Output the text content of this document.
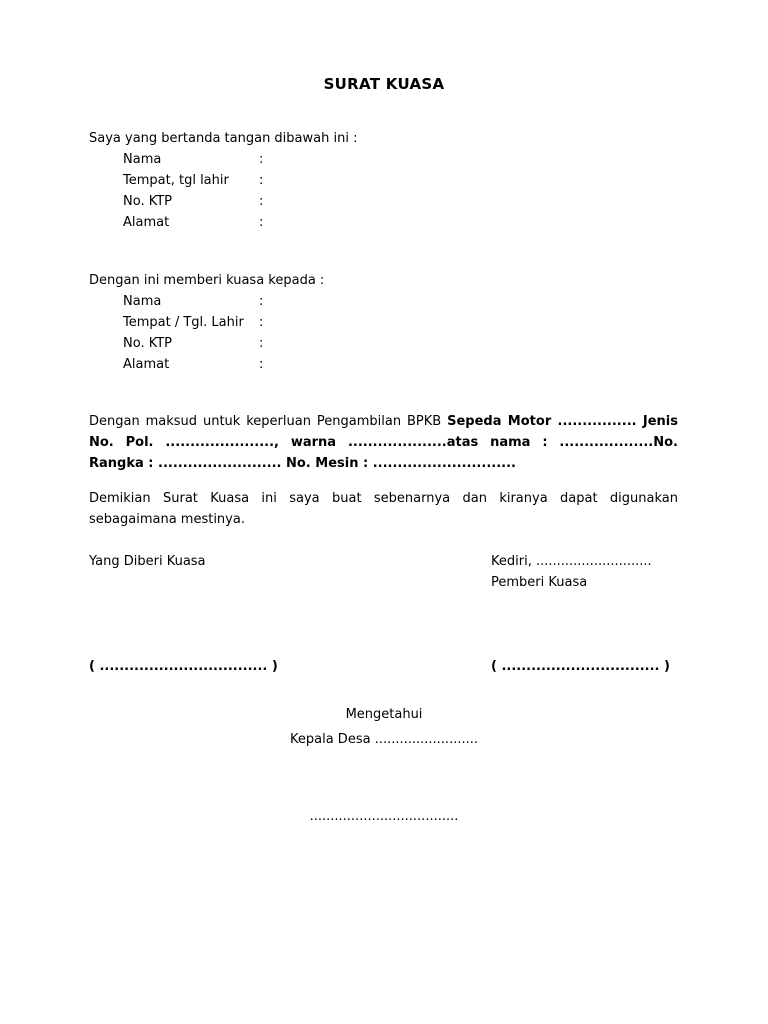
SURAT KUASA
Saya yang bertanda tangan dibawah ini :
Nama	:
Tempat, tgl lahir :
No. KTP	:
Alamat	:
Dengan ini memberi kuasa kepada :
Nama	:
Tempat / Tgl. Lahir :
No. KTP	:
Alamat	:
Dengan maksud untuk keperluan Pengambilan BPKB Sepeda Motor ................ Jenis No. Pol. ......................, warna ....................atas nama : ...................No. Rangka : ......................... No. Mesin : .............................
Demikian Surat Kuasa ini saya buat sebenarnya dan kiranya dapat digunakan sebagaimana mestinya.
Yang Diberi Kuasa	Kediri, ............................
Pemberi Kuasa
( .................................. )	( ................................ )
Mengetahui
Kepala Desa .........................
....................................
